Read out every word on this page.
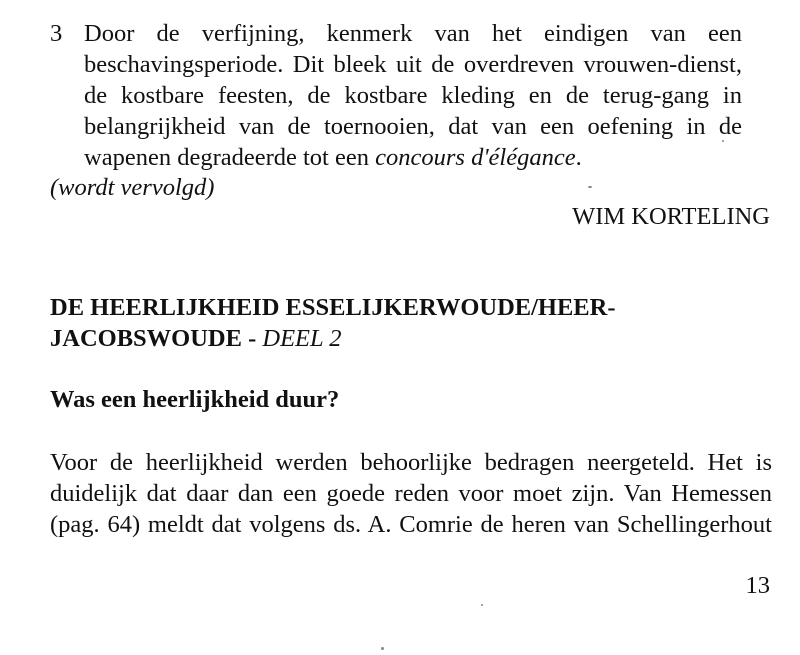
3 Door de verfijning, kenmerk van het eindigen van een beschavingsperiode. Dit bleek uit de overdreven vrouwen-dienst, de kostbare feesten, de kostbare kleding en de terug-gang in belangrijkheid van de toernooien, dat van een oefening in de wapenen degradeerde tot een concours d'élégance.

(wordt vervolgd)

WIM KORTELING

DE HEERLIJKHEID ESSELIJKERWOUDE/HEER-JACOBSWOUDE - DEEL 2
Was een heerlijkheid duur?

Voor de heerlijkheid werden behoorlijke bedragen neergeteld. Het is duidelijk dat daar dan een goede reden voor moet zijn. Van Hemessen (pag. 64) meldt dat volgens ds. A. Comrie de heren van Schellingerhout

13
